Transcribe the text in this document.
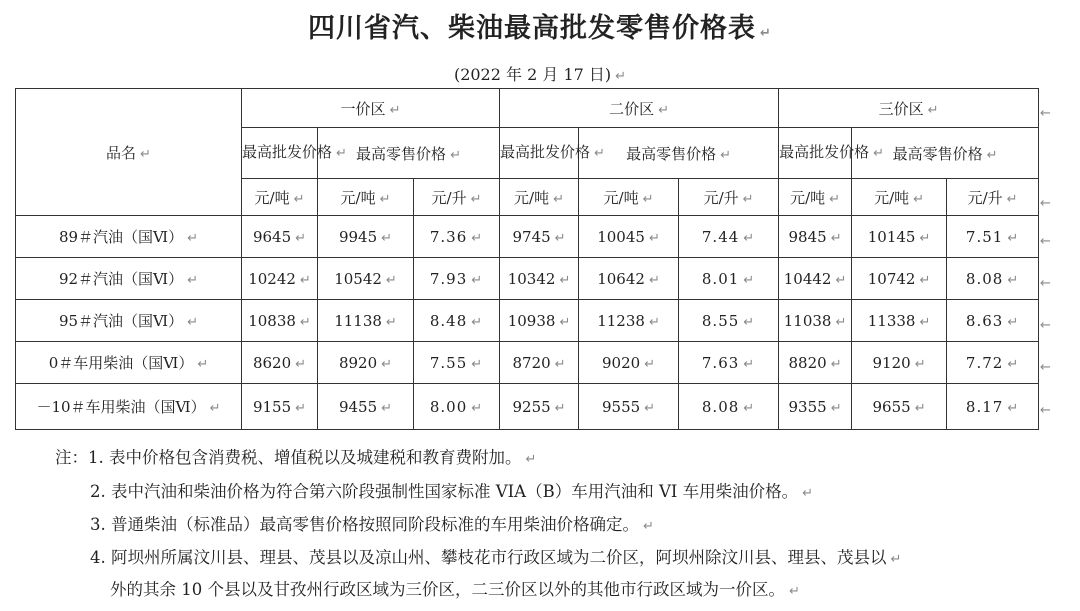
四川省汽、柴油最高批发零售价格表 ↵
(2022 年 2 月 17 日) ↵
品名 ↵	一价区 ↵			二价区 ↵			三价区 ↵		
	最高批发价格 ↵	最高零售价格 ↵		最高批发价格 ↵	最高零售价格 ↵		最高批发价格 ↵	最高零售价格 ↵	
	元/吨 ↵	元/吨 ↵	元/升 ↵	元/吨 ↵	元/吨 ↵	元/升 ↵	元/吨 ↵	元/吨 ↵	元/升 ↵
89＃汽油（国Ⅵ） ↵	9645 ↵	9945 ↵	7.36 ↵	9745 ↵	10045 ↵	7.44 ↵	9845 ↵	10145 ↵	7.51 ↵
92＃汽油（国Ⅵ） ↵	10242 ↵	10542 ↵	7.93 ↵	10342 ↵	10642 ↵	8.01 ↵	10442 ↵	10742 ↵	8.08 ↵
95＃汽油（国Ⅵ） ↵	10838 ↵	11138 ↵	8.48 ↵	10938 ↵	11238 ↵	8.55 ↵	11038 ↵	11338 ↵	8.63 ↵
0＃车用柴油（国Ⅵ） ↵	8620 ↵	8920 ↵	7.55 ↵	8720 ↵	9020 ↵	7.63 ↵	8820 ↵	9120 ↵	7.72 ↵
－10＃车用柴油（国Ⅵ） ↵	9155 ↵	9455 ↵	8.00 ↵	9255 ↵	9555 ↵	8.08 ↵	9355 ↵	9655 ↵	8.17 ↵
←
←
←
←
←
←
←
注：1. 表中价格包含消费税、增值税以及城建税和教育费附加。 ↵
2. 表中汽油和柴油价格为符合第六阶段强制性国家标准 VIA（B）车用汽油和 VI 车用柴油价格。 ↵
3. 普通柴油（标准品）最高零售价格按照同阶段标准的车用柴油价格确定。 ↵
4. 阿坝州所属汶川县、理县、茂县以及凉山州、攀枝花市行政区域为二价区，阿坝州除汶川县、理县、茂县以 ↵
外的其余 10 个县以及甘孜州行政区域为三价区，二三价区以外的其他市行政区域为一价区。 ↵
